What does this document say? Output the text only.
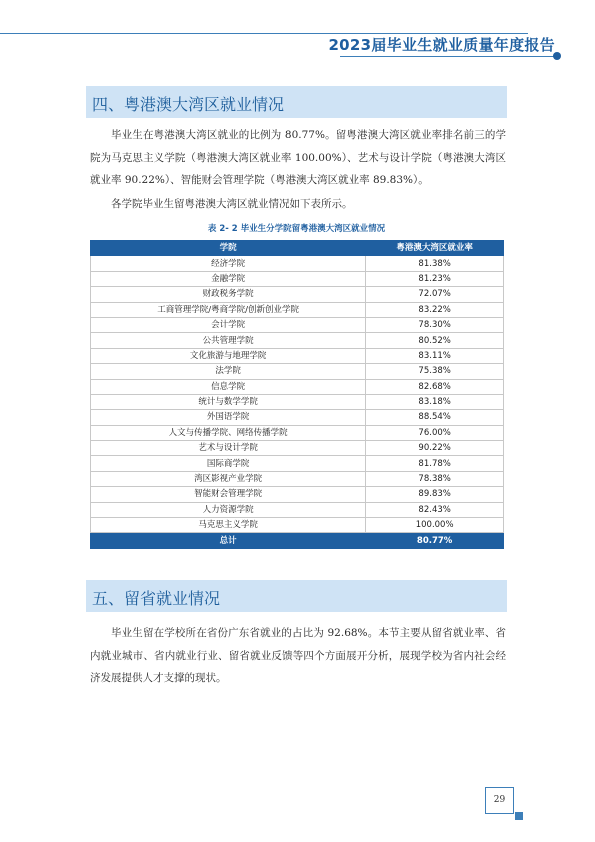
2023届毕业生就业质量年度报告
四、粤港澳大湾区就业情况
毕业生在粤港澳大湾区就业的比例为 80.77%。留粤港澳大湾区就业率排名前三的学院为马克思主义学院（粤港澳大湾区就业率 100.00%）、艺术与设计学院（粤港澳大湾区就业率 90.22%）、智能财会管理学院（粤港澳大湾区就业率 89.83%）。
各学院毕业生留粤港澳大湾区就业情况如下表所示。
表 2- 2 毕业生分学院留粤港澳大湾区就业情况
学院	粤港澳大湾区就业率
经济学院	81.38%
金融学院	81.23%
财政税务学院	72.07%
工商管理学院/粤商学院/创新创业学院	83.22%
会计学院	78.30%
公共管理学院	80.52%
文化旅游与地理学院	83.11%
法学院	75.38%
信息学院	82.68%
统计与数学学院	83.18%
外国语学院	88.54%
人文与传播学院、网络传播学院	76.00%
艺术与设计学院	90.22%
国际商学院	81.78%
湾区影视产业学院	78.38%
智能财会管理学院	89.83%
人力资源学院	82.43%
马克思主义学院	100.00%
总计	80.77%
五、留省就业情况
毕业生留在学校所在省份广东省就业的占比为 92.68%。本节主要从留省就业率、省内就业城市、省内就业行业、留省就业反馈等四个方面展开分析，展现学校为省内社会经济发展提供人才支撑的现状。
29
